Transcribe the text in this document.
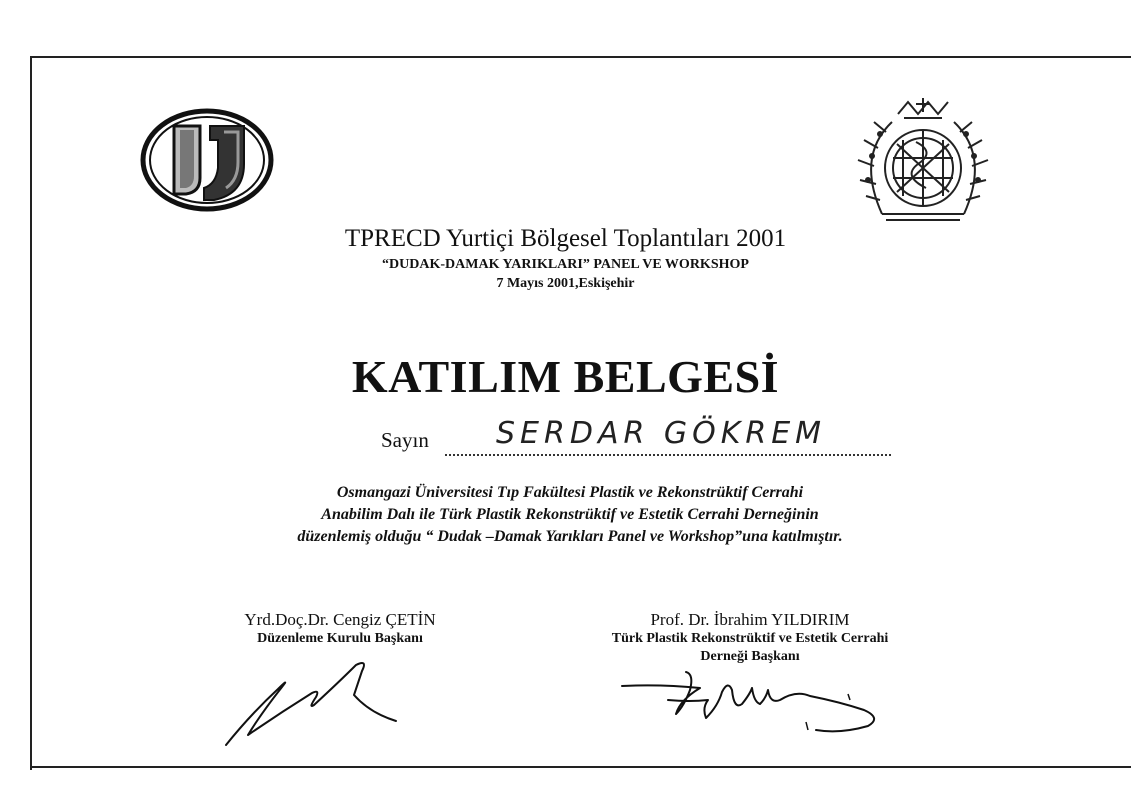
TPRECD Yurtiçi Bölgesel Toplantıları 2001
“DUDAK-DAMAK YARIKLARI” PANEL VE WORKSHOP
7 Mayıs 2001,Eskişehir
KATILIM BELGESİ
Sayın SERDAR GÖKREM
Osmangazi Üniversitesi Tıp Fakültesi Plastik ve Rekonstrüktif Cerrahi
Anabilim Dalı ile Türk Plastik Rekonstrüktif ve Estetik Cerrahi Derneğinin
düzenlemiş olduğu “ Dudak –Damak Yarıkları Panel ve Workshop”una katılmıştır.
Yrd.Doç.Dr. Cengiz ÇETİN
Düzenleme Kurulu Başkanı
Prof. Dr. İbrahim YILDIRIM
Türk Plastik Rekonstrüktif ve Estetik Cerrahi
Derneği Başkanı
